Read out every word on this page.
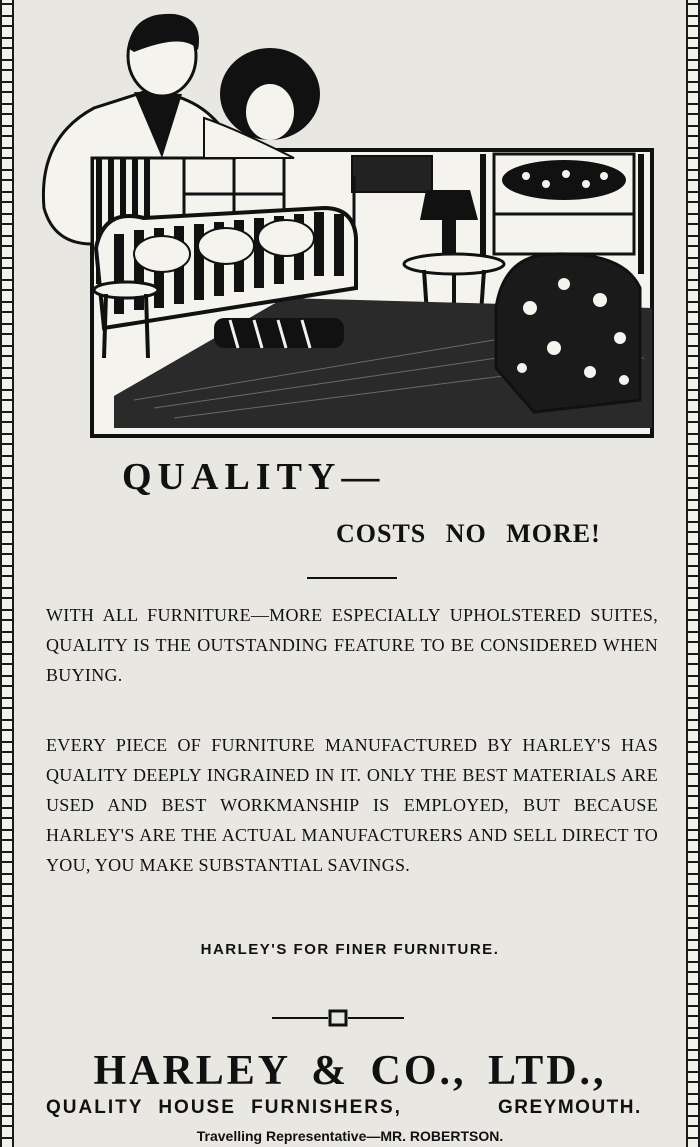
QUALITY—
COSTS NO MORE!
WITH ALL FURNITURE—MORE ESPECIALLY UPHOLSTERED SUITES, QUALITY IS THE OUTSTANDING FEATURE TO BE CONSIDERED WHEN BUYING.
EVERY PIECE OF FURNITURE MANUFACTURED BY HARLEY'S HAS QUALITY DEEPLY INGRAINED IN IT. ONLY THE BEST MATERIALS ARE USED AND BEST WORKMANSHIP IS EMPLOYED, BUT BECAUSE HARLEY'S ARE THE ACTUAL MANUFACTURERS AND SELL DIRECT TO YOU, YOU MAKE SUBSTANTIAL SAVINGS.
HARLEY'S FOR FINER FURNITURE.
HARLEY & CO., LTD.,
QUALITY HOUSE FURNISHERS,	GREYMOUTH.
Travelling Representative—MR. ROBERTSON.
